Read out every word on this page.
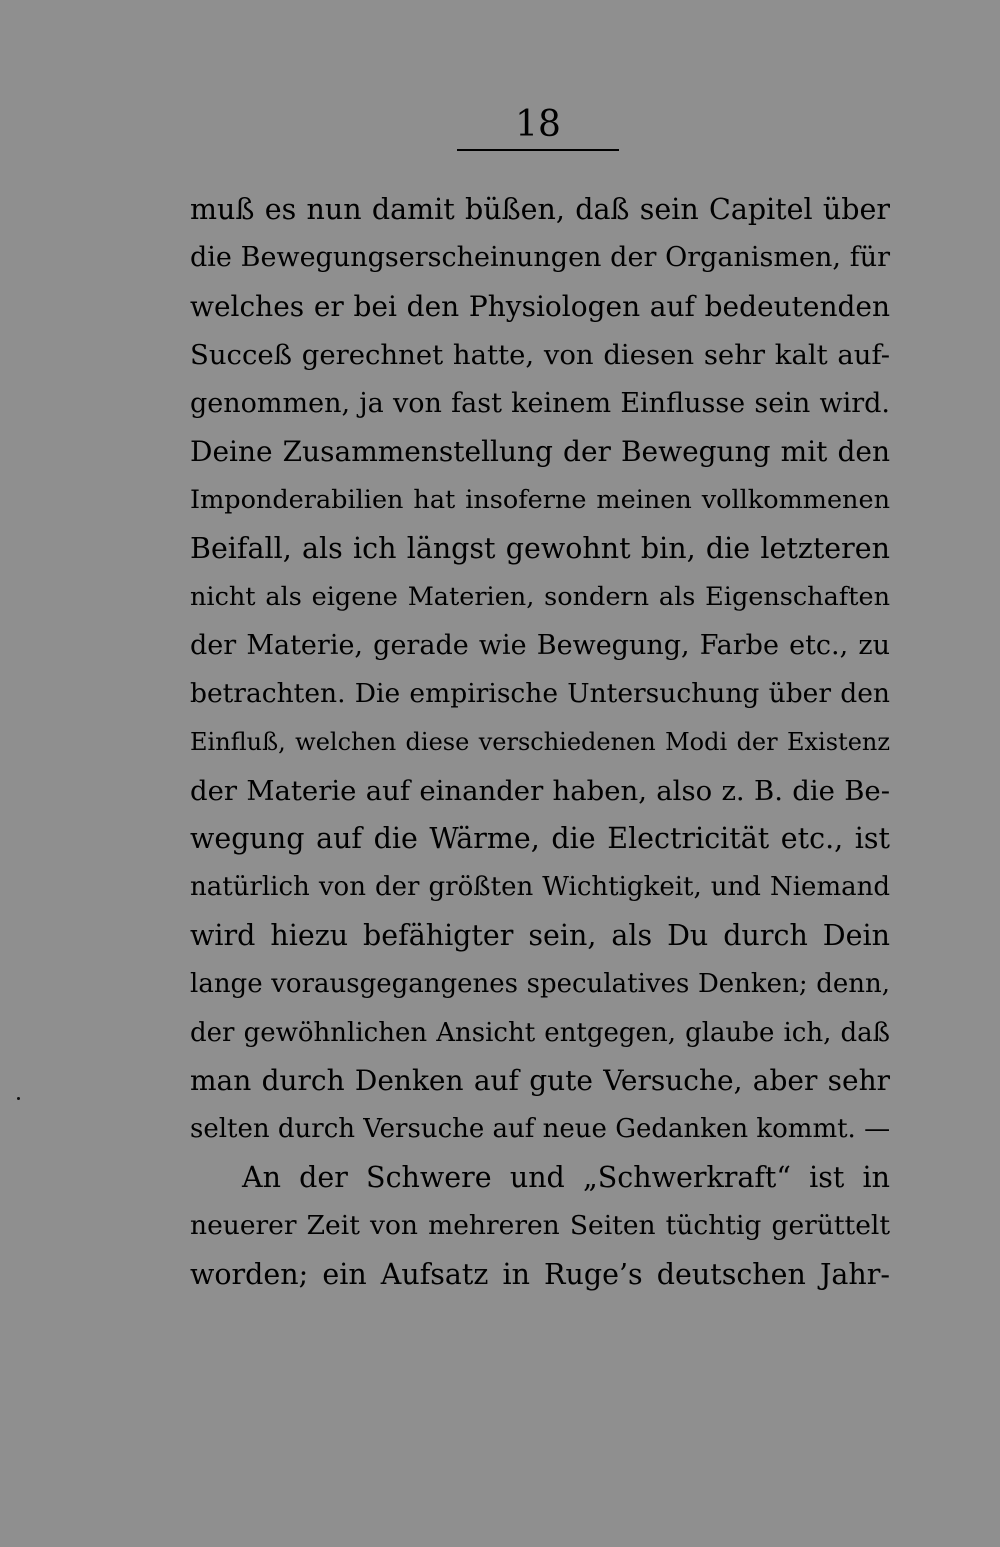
18
muß es nun damit büßen, daß sein Capitel über
die Bewegungserscheinungen der Organismen, für
welches er bei den Physiologen auf bedeutenden
Succeß gerechnet hatte, von diesen sehr kalt auf-
genommen, ja von fast keinem Einflusse sein wird.
Deine Zusammenstellung der Bewegung mit den
Imponderabilien hat insoferne meinen vollkommenen
Beifall, als ich längst gewohnt bin, die letzteren
nicht als eigene Materien, sondern als Eigenschaften
der Materie, gerade wie Bewegung, Farbe etc., zu
betrachten. Die empirische Untersuchung über den
Einfluß, welchen diese verschiedenen Modi der Existenz
der Materie auf einander haben, also z. B. die Be-
wegung auf die Wärme, die Electricität etc., ist
natürlich von der größten Wichtigkeit, und Niemand
wird hiezu befähigter sein, als Du durch Dein
lange vorausgegangenes speculatives Denken; denn,
der gewöhnlichen Ansicht entgegen, glaube ich, daß
man durch Denken auf gute Versuche, aber sehr
selten durch Versuche auf neue Gedanken kommt. —
An der Schwere und „Schwerkraft“ ist in
neuerer Zeit von mehreren Seiten tüchtig gerüttelt
worden; ein Aufsatz in Ruge’s deutschen Jahr-
